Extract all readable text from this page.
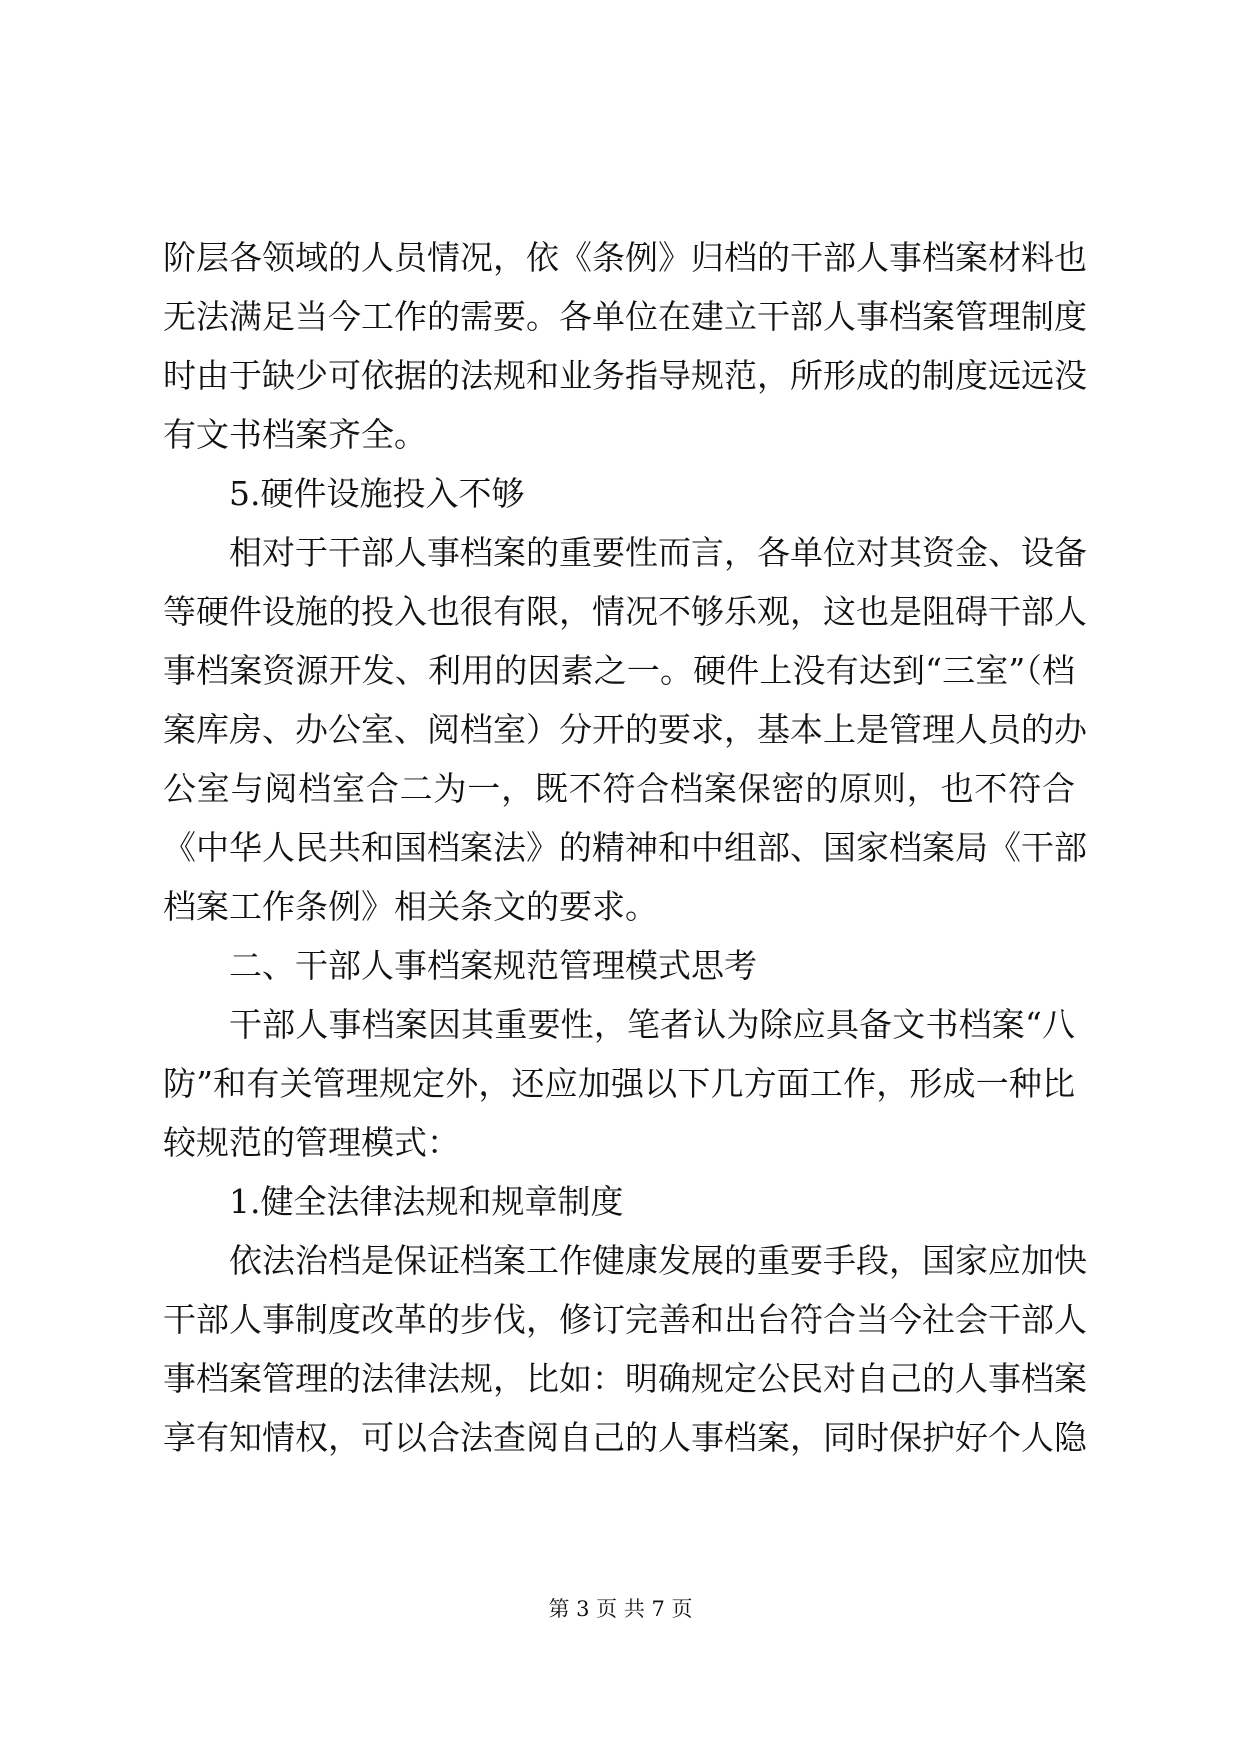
阶层各领域的人员情况，依《条例》归档的干部人事档案材料也
无法满足当今工作的需要。各单位在建立干部人事档案管理制度
时由于缺少可依据的法规和业务指导规范，所形成的制度远远没
有文书档案齐全。
5.硬件设施投入不够
相对于干部人事档案的重要性而言，各单位对其资金、设备
等硬件设施的投入也很有限，情况不够乐观，这也是阻碍干部人
事档案资源开发、利用的因素之一。硬件上没有达到“三室”（档
案库房、办公室、阅档室）分开的要求，基本上是管理人员的办
公室与阅档室合二为一，既不符合档案保密的原则，也不符合
《中华人民共和国档案法》的精神和中组部、国家档案局《干部
档案工作条例》相关条文的要求。
二、干部人事档案规范管理模式思考
干部人事档案因其重要性，笔者认为除应具备文书档案“八
防”和有关管理规定外，还应加强以下几方面工作，形成一种比
较规范的管理模式：
1.健全法律法规和规章制度
依法治档是保证档案工作健康发展的重要手段，国家应加快
干部人事制度改革的步伐，修订完善和出台符合当今社会干部人
事档案管理的法律法规，比如：明确规定公民对自己的人事档案
享有知情权，可以合法查阅自己的人事档案，同时保护好个人隐
第 3 页 共 7 页
